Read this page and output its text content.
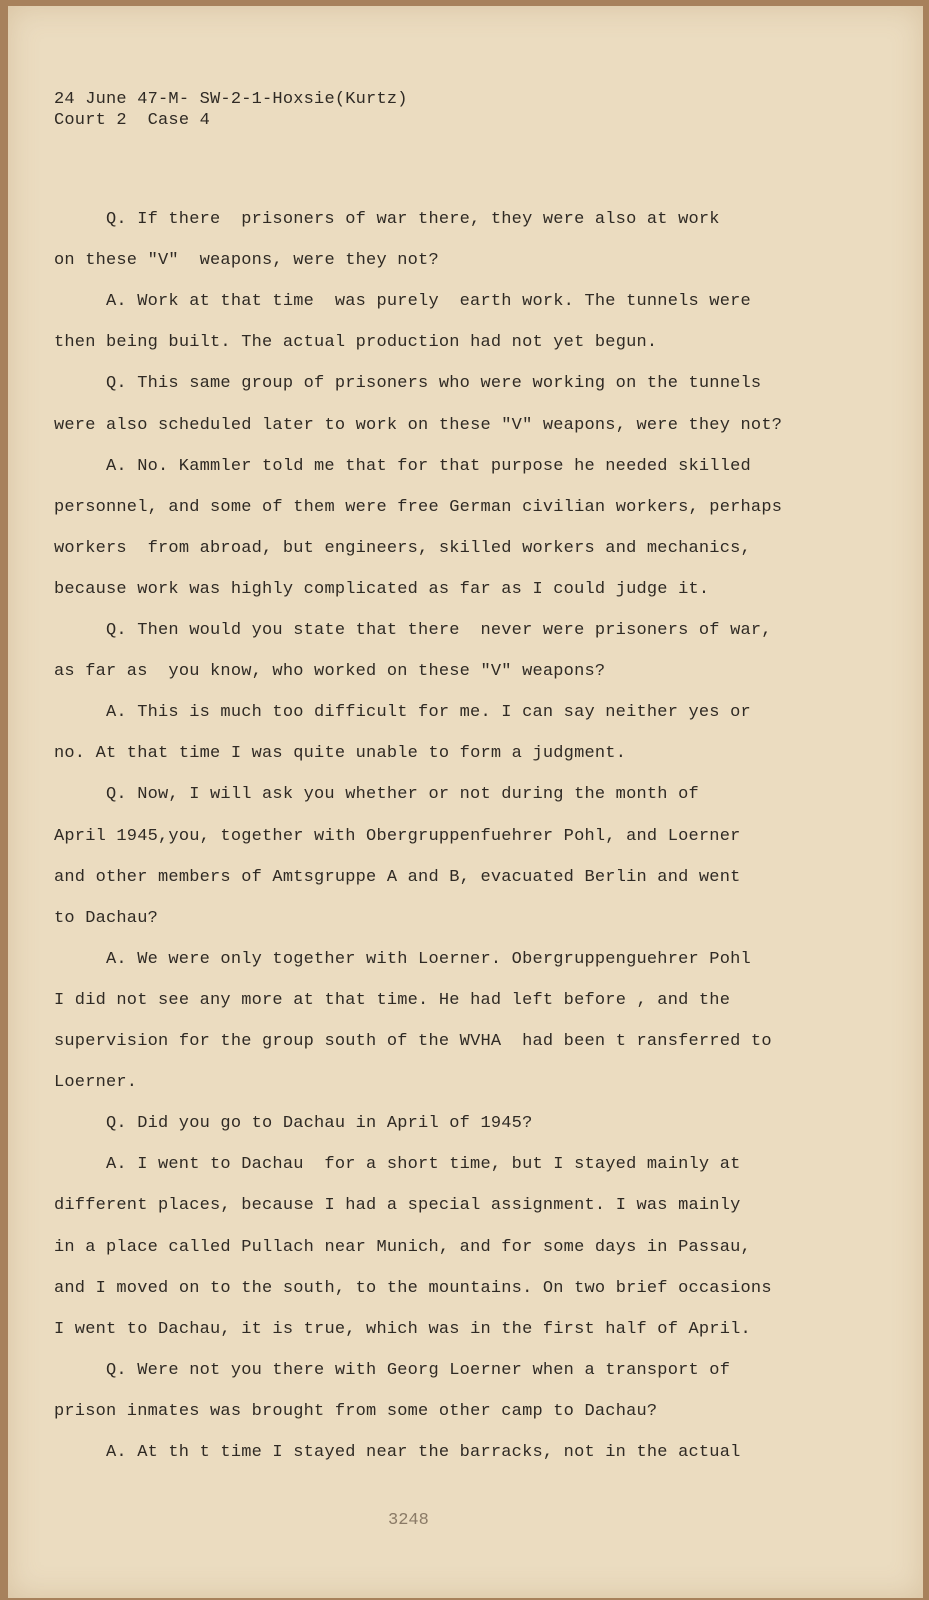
24 June 47-M- SW-2-1-Hoxsie(Kurtz)
Court 2  Case 4
Q. If there  prisoners of war there, they were also at work
on these "V"  weapons, were they not?
A. Work at that time  was purely  earth work. The tunnels were
then being built. The actual production had not yet begun.
Q. This same group of prisoners who were working on the tunnels
were also scheduled later to work on these "V" weapons, were they not?
A. No. Kammler told me that for that purpose he needed skilled
personnel, and some of them were free German civilian workers, perhaps
workers  from abroad, but engineers, skilled workers and mechanics,
because work was highly complicated as far as I could judge it.
Q. Then would you state that there  never were prisoners of war,
as far as  you know, who worked on these "V" weapons?
A. This is much too difficult for me. I can say neither yes or
no. At that time I was quite unable to form a judgment.
Q. Now, I will ask you whether or not during the month of
April 1945,you, together with Obergruppenfuehrer Pohl, and Loerner
and other members of Amtsgruppe A and B, evacuated Berlin and went
to Dachau?
A. We were only together with Loerner. Obergruppenguehrer Pohl
I did not see any more at that time. He had left before , and the
supervision for the group south of the WVHA  had been t ransferred to
Loerner.
Q. Did you go to Dachau in April of 1945?
A. I went to Dachau  for a short time, but I stayed mainly at
different places, because I had a special assignment. I was mainly
in a place called Pullach near Munich, and for some days in Passau,
and I moved on to the south, to the mountains. On two brief occasions
I went to Dachau, it is true, which was in the first half of April.
Q. Were not you there with Georg Loerner when a transport of
prison inmates was brought from some other camp to Dachau?
A. At th t time I stayed near the barracks, not in the actual
3248
